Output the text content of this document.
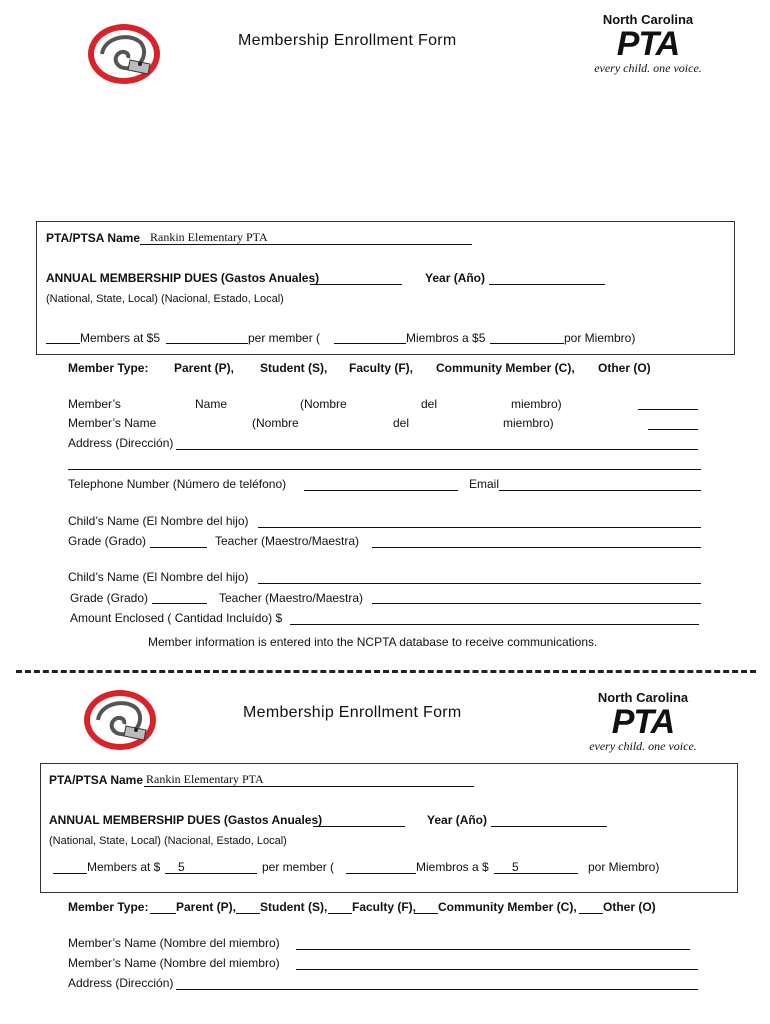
Membership Enrollment Form
North Carolina
PTA
every child. one voice.
PTA/PTSA Name Rankin Elementary PTA
ANNUAL MEMBERSHIP DUES (Gastos Anuales)	Year (Año)
(National, State, Local) (Nacional, Estado, Local)
Members at $5	per member (	Miembros a $5	por Miembro)
Member Type: Parent (P), Student (S), Faculty (F), Community Member (C), Other (O)
Member’s	Name	(Nombre	del	miembro)
Member’s Name	(Nombre	del	miembro)
Address (Dirección)
Telephone Number (Número de teléfono)	Email
Child’s Name (El Nombre del hijo)
Grade (Grado)	Teacher (Maestro/Maestra)
Child’s Name (El Nombre del hijo)
Grade (Grado)	Teacher (Maestro/Maestra)
Amount Enclosed ( Cantidad Incluído) $
Member information is entered into the NCPTA database to receive communications.
Membership Enrollment Form
North Carolina
PTA
every child. one voice.
PTA/PTSA Name Rankin Elementary PTA
ANNUAL MEMBERSHIP DUES (Gastos Anuales)	Year (Año)
(National, State, Local) (Nacional, Estado, Local)
Members at $ 5	per member (	Miembros a $ 5	por Miembro)
Member Type: Parent (P), Student (S), Faculty (F), Community Member (C), Other (O)
Member’s Name (Nombre del miembro)
Member’s Name (Nombre del miembro)
Address (Dirección)
